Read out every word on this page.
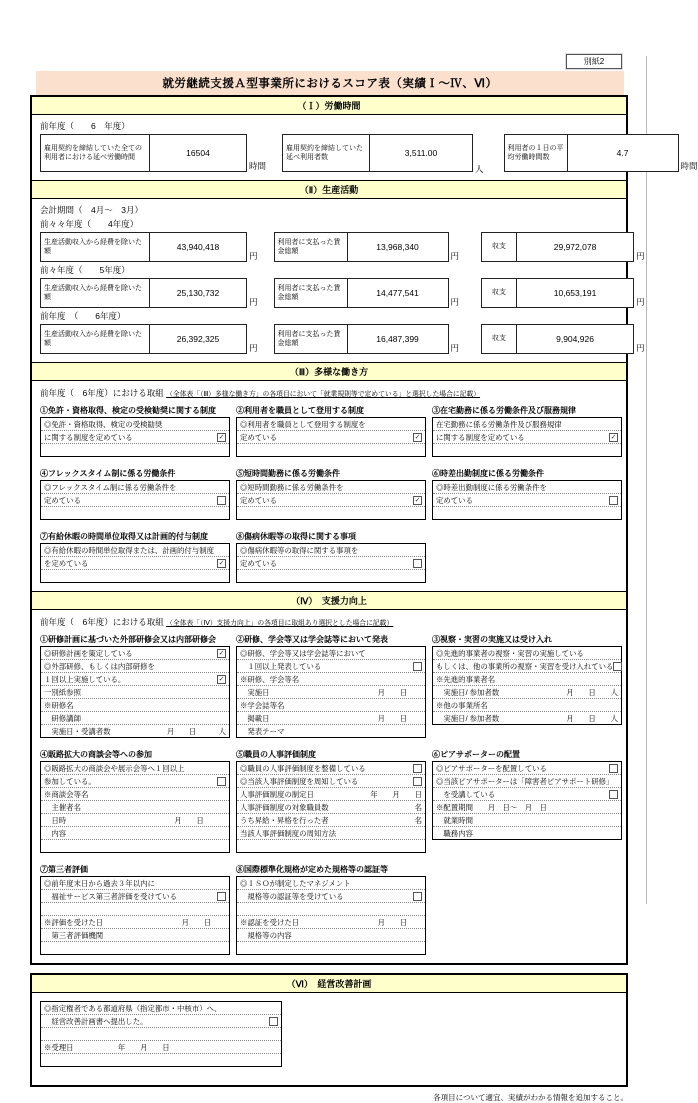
別紙2
就労継続支援Ａ型事業所におけるスコア表（実績Ｉ～Ⅳ、Ⅵ）
（Ｉ）労働時間
前年度（　　6　年度）
雇用契約を締結していた全ての利用者における延べ労働時間	16504
時間
雇用契約を締結していた延べ利用者数	3,511.00
人
利用者の１日の平均労働時間数	4.7
時間
（Ⅱ）生産活動
会計期間（　4月～　3月）
前々々年度（　　4年度）
生産活動収入から経費を除いた額	43,940,418
円
利用者に支払った賃金総額	13,968,340
円
収支	29,972,078
円
前々年度（　　5年度）
生産活動収入から経費を除いた額	25,130,732
円
利用者に支払った賃金総額	14,477,541
円
収支	10,653,191
円
前年度　（　　6年度）
生産活動収入から経費を除いた額	26,392,325
円
利用者に支払った賃金総額	16,487,399
円
収支	9,904,926
円
（Ⅲ）多様な働き方
前年度（　6年度）における取組 （全体表「（Ⅲ）多様な働き方」の各項目において「就業規則等で定めている」と選択した場合に記載）
①免許・資格取得、検定の受検勧奨に関する制度
◎免許・資格取得、検定の受検勧奨
に関する制度を定めている	✓
②利用者を職員として登用する制度
◎利用者を職員として登用する制度を
定めている	✓
③在宅勤務に係る労働条件及び服務規律
在宅勤務に係る労働条件及び服務規律
に関する制度を定めている	✓
④フレックスタイム制に係る労働条件
◎フレックスタイム制に係る労働条件を
定めている
⑤短時間勤務に係る労働条件
◎短時間勤務に係る労働条件を
定めている	✓
⑥時差出勤制度に係る労働条件
◎時差出勤制度に係る労働条件を
定めている
⑦有給休暇の時間単位取得又は計画的付与制度
◎有給休暇の時間単位取得または、計画的付与制度
を定めている	✓
⑧傷病休暇等の取得に関する事項
◎傷病休暇等の取得に関する事項を
定めている
（Ⅳ）　支援力向上
前年度（　6年度）における取組 （全体表「（Ⅳ）支援力向上」の各項目に取組あり選択とした場合に記載）
①研修計画に基づいた外部研修会又は内部研修会
◎研修計画を策定している	✓
◎外部研修、もしくは内部研修を
１回以上実施している。	✓
一別紙参照
※研修名
　研修講師
　実施日・受講者数	月　　日　　　人
②研修、学会等又は学会誌等において発表
◎研修、学会等又は学会誌等において
　１回以上発表している
※研修、学会等名
　実施日	月　　日　　
※学会誌等名
　掲載日	月　　日　　
　発表テーマ
③視察・実習の実施又は受け入れ
◎先進的事業者の視察・実習の実施している
もしくは、他の事業所の視察・実習を受け入れている
※先進的事業者名
　実施日/ 参加者数	月　　日　　人
※他の事業所名
　実施日/ 参加者数	月　　日　　人
④販路拡大の商談会等への参加
◎販路拡大の商談会や展示会等へ１回以上
参加している。
※商談会等名
　主催者名
　日時	月　　日　　　
　内容
⑤職員の人事評価制度
◎職員の人事評価制度を整備している
◎当該人事評価制度を周知している
人事評価制度の制定日	年　　月　　日
人事評価制度の対象職員数	名
うち昇給・昇格を行った者	名
当該人事評価制度の周知方法
⑥ピアサポーターの配置
◎ピアサポーターを配置している
◎当該ピアサポーターは「障害者ピアサポート研修」
　を受講している
※配置期間　　月　日～　月　日
　就業時間
　職務内容
⑦第三者評価
◎前年度末日から過去３年以内に
　福祉サービス第三者評価を受けている
※評価を受けた日	月　　日　　
　第三者評価機関
⑧国際標準化規格が定めた規格等の認証等
◎ＩＳＯが制定したマネジメント
　規格等の認証等を受けている
※認証を受けた日	月　　日　　
　規格等の内容
（Ⅵ）　経営改善計画
◎指定権者である都道府県（指定都市・中核市）へ、
　経営改善計画書へ提出した。
※受理日　　　　　　年　　月　　日
各項目について適宜、実績がわかる情報を追加すること。
